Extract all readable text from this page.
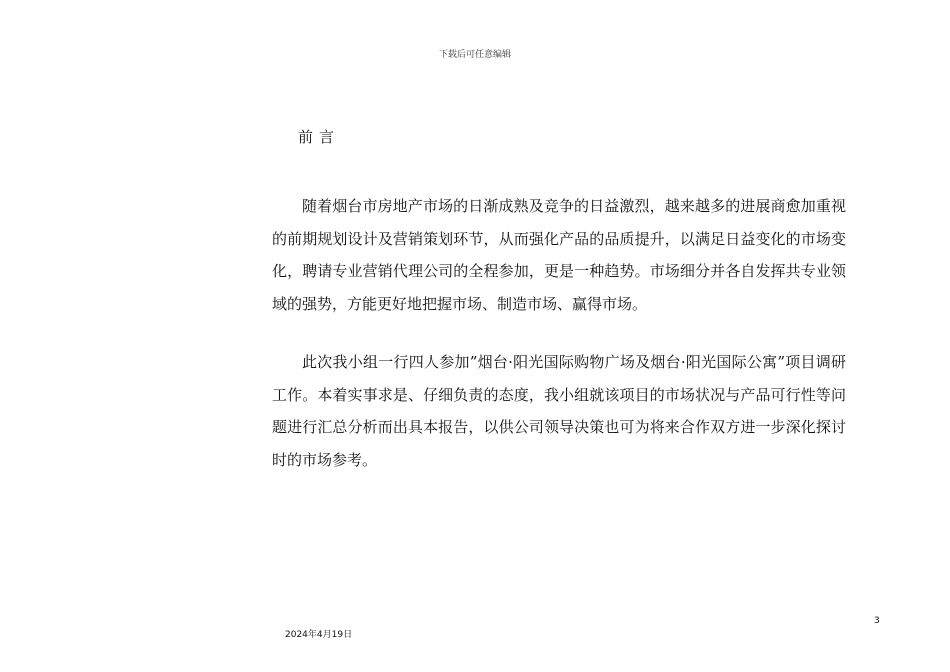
下载后可任意编辑
前言

随着烟台市房地产市场的日渐成熟及竞争的日益激烈，越来越多的进展商愈加重视的前期规划设计及营销策划环节，从而强化产品的品质提升，以满足日益变化的市场变化，聘请专业营销代理公司的全程参加，更是一种趋势。市场细分并各自发挥共专业领域的强势，方能更好地把握市场、制造市场、赢得市场。

此次我小组一行四人参加”烟台·阳光国际购物广场及烟台·阳光国际公寓”项目调研工作。本着实事求是、仔细负责的态度，我小组就该项目的市场状况与产品可行性等问题进行汇总分析而出具本报告，以供公司领导决策也可为将来合作双方进一步深化探讨时的市场参考。

3
2024年4月19日
